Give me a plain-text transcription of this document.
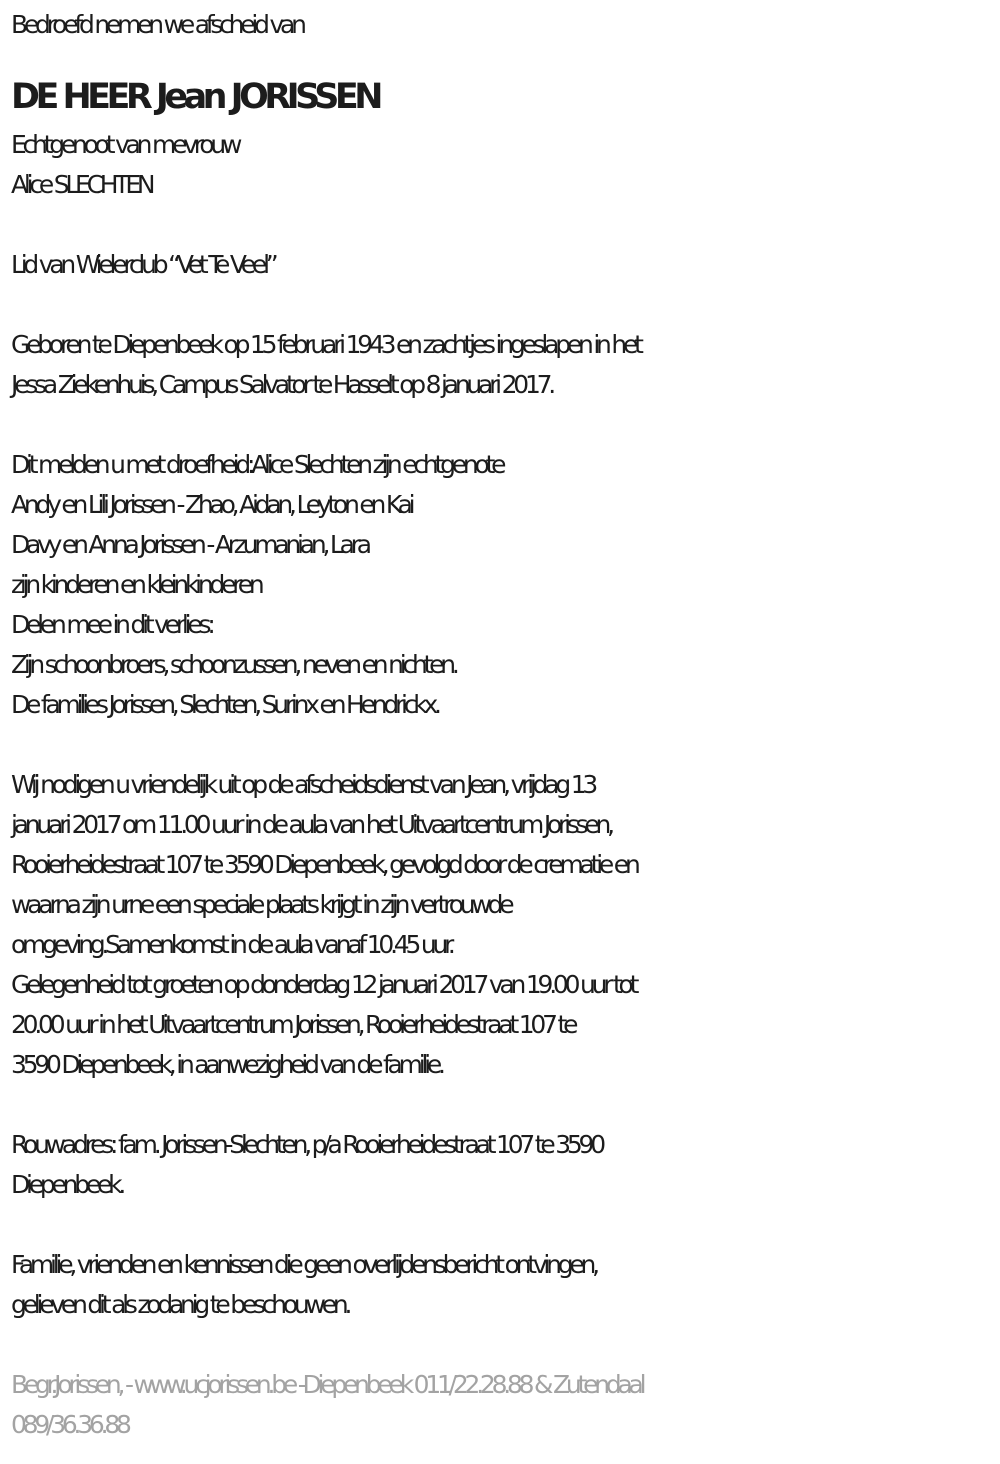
Bedroefd nemen we afscheid van
DE HEER Jean JORISSEN
Echtgenoot van mevrouw
Alice SLECHTEN
Lid van Wielerclub “Vet Te Veel”
Geboren te Diepenbeek op 15 februari 1943 en zachtjes ingeslapen in het
Jessa Ziekenhuis, Campus Salvator te Hasselt op 8 januari 2017.
Dit melden u met droefheid:Alice Slechten zijn echtgenote
Andy en Lili Jorissen - Zhao, Aidan, Leyton en Kai
Davy en Anna Jorissen - Arzumanian, Lara
zijn kinderen en kleinkinderen
Delen mee in dit verlies:
Zijn schoonbroers, schoonzussen, neven en nichten.
De families Jorissen, Slechten, Surinx en Hendrickx.
Wij nodigen u vriendelijk uit op de afscheidsdienst van Jean, vrijdag 13
januari 2017 om 11.00 uur in de aula van het Uitvaartcentrum Jorissen,
Rooierheidestraat 107 te 3590 Diepenbeek, gevolgd door de crematie en
waarna zijn urne een speciale plaats krijgt in zijn vertrouwde
omgeving.Samenkomst in de aula vanaf 10.45 uur.
Gelegenheid tot groeten op donderdag 12 januari 2017 van 19.00 uur tot
20.00 uur in het Uitvaartcentrum Jorissen, Rooierheidestraat 107 te
3590 Diepenbeek, in aanwezigheid van de familie.
Rouwadres: fam. Jorissen-Slechten, p/a Rooierheidestraat 107 te 3590
Diepenbeek.
Familie, vrienden en kennissen die geen overlijdensbericht ontvingen,
gelieven dit als zodanig te beschouwen.
Begr.Jorissen, - www.ucjorissen.be -Diepenbeek 011/22.28.88 & Zutendaal
089/36.36.88
